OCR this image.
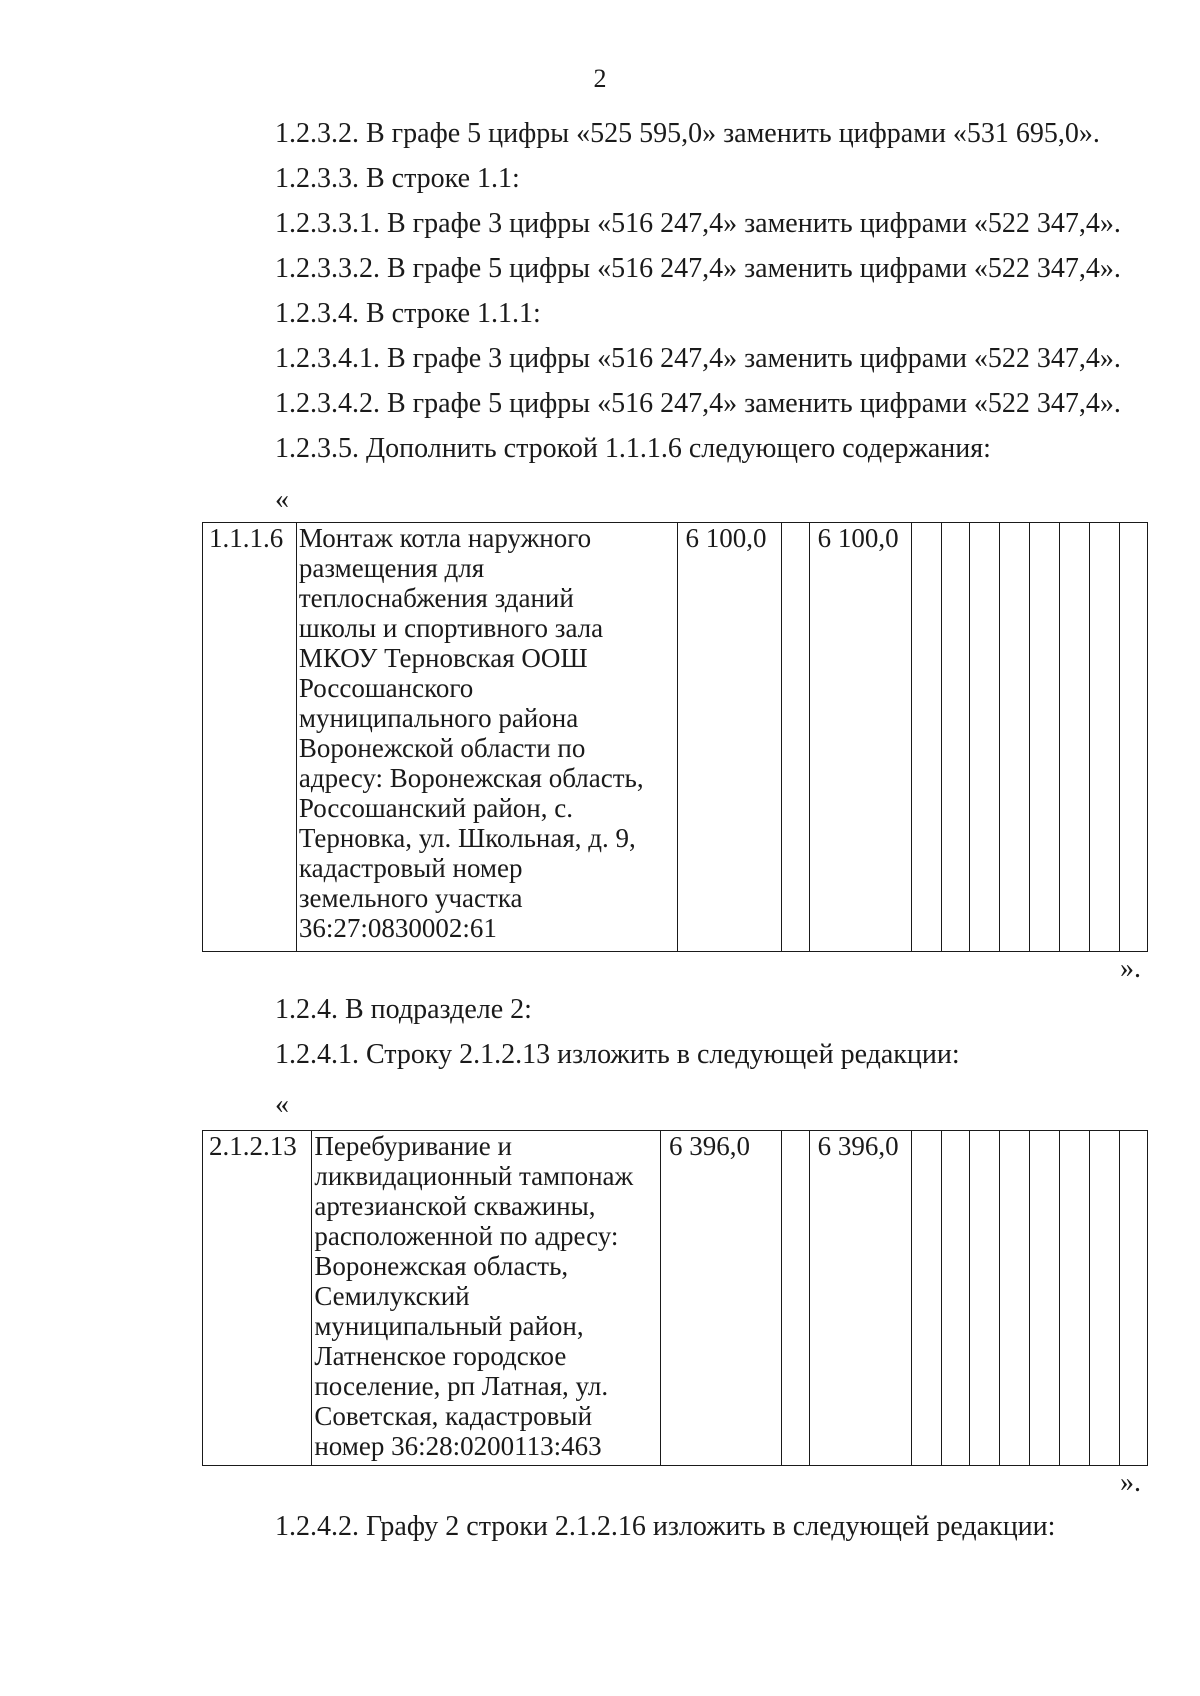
2
1.2.3.2. В графе 5 цифры «525 595,0» заменить цифрами «531 695,0».
1.2.3.3. В строке 1.1:
1.2.3.3.1. В графе 3 цифры «516 247,4» заменить цифрами «522 347,4».
1.2.3.3.2. В графе 5 цифры «516 247,4» заменить цифрами «522 347,4».
1.2.3.4. В строке 1.1.1:
1.2.3.4.1. В графе 3 цифры «516 247,4» заменить цифрами «522 347,4».
1.2.3.4.2. В графе 5 цифры «516 247,4» заменить цифрами «522 347,4».
1.2.3.5. Дополнить строкой 1.1.1.6 следующего содержания:
«
1.1.1.6	Монтаж котла наружного
размещения для
теплоснабжения зданий
школы и спортивного зала
МКОУ Терновская ООШ
Россошанского
муниципального района
Воронежской области по
адресу: Воронежская область,
Россошанский район, с.
Терновка, ул. Школьная, д. 9,
кадастровый номер
земельного участка
36:27:0830002:61
	6 100,0		6 100,0								
».
1.2.4. В подразделе 2:
1.2.4.1. Строку 2.1.2.13 изложить в следующей редакции:
«
2.1.2.13	Перебуривание и
ликвидационный тампонаж
артезианской скважины,
расположенной по адресу:
Воронежская область,
Семилукский
муниципальный район,
Латненское городское
поселение, рп Латная, ул.
Советская, кадастровый
номер 36:28:0200113:463
	6 396,0		6 396,0								
».
1.2.4.2. Графу 2 строки 2.1.2.16 изложить в следующей редакции:
